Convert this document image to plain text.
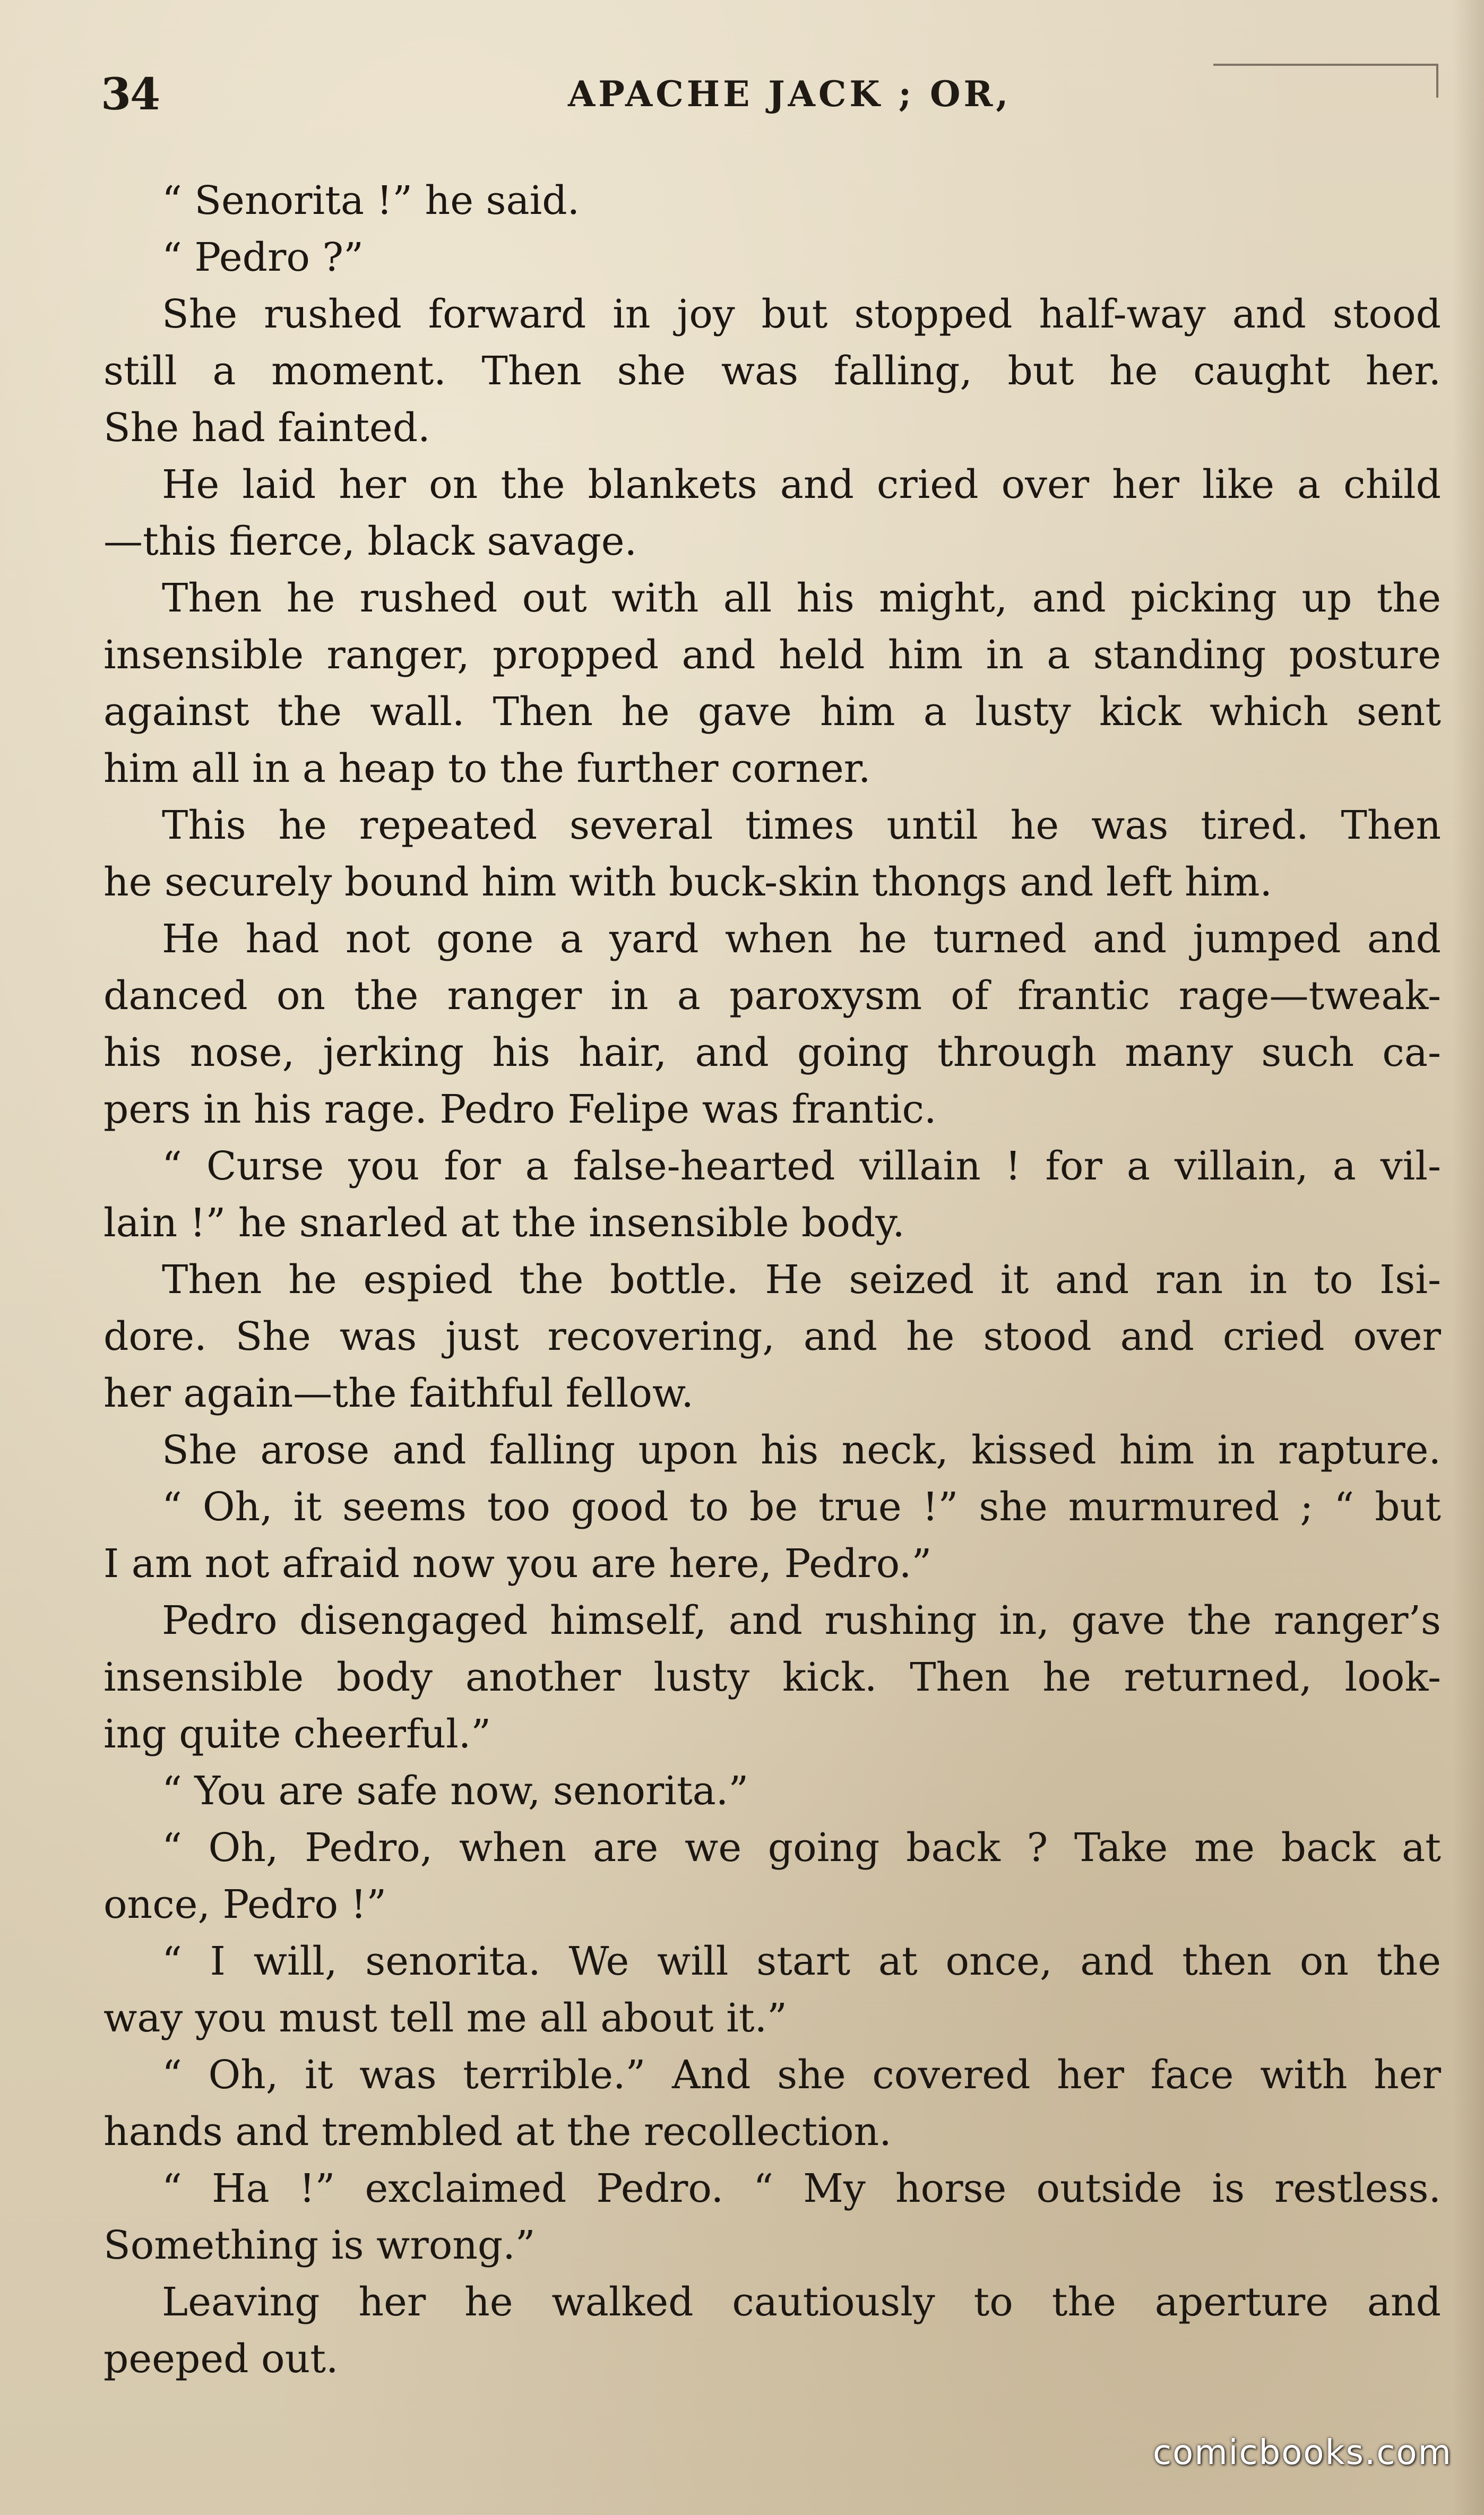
34	APACHE JACK ; OR,
“ Senorita !” he said.
“ Pedro ?”
She rushed forward in joy but stopped half-way and stood
still a moment. Then she was falling, but he caught her.
She had fainted.
He laid her on the blankets and cried over her like a child
—this fierce, black savage.
Then he rushed out with all his might, and picking up the
insensible ranger, propped and held him in a standing posture
against the wall. Then he gave him a lusty kick which sent
him all in a heap to the further corner.
This he repeated several times until he was tired. Then
he securely bound him with buck-skin thongs and left him.
He had not gone a yard when he turned and jumped and
danced on the ranger in a paroxysm of frantic rage—tweak-
his nose, jerking his hair, and going through many such ca-
pers in his rage. Pedro Felipe was frantic.
“ Curse you for a false-hearted villain ! for a villain, a vil-
lain !” he snarled at the insensible body.
Then he espied the bottle. He seized it and ran in to Isi-
dore. She was just recovering, and he stood and cried over
her again—the faithful fellow.
She arose and falling upon his neck, kissed him in rapture.
“ Oh, it seems too good to be true !” she murmured ; “ but
I am not afraid now you are here, Pedro.”
Pedro disengaged himself, and rushing in, gave the ranger’s
insensible body another lusty kick. Then he returned, look-
ing quite cheerful.”
“ You are safe now, senorita.”
“ Oh, Pedro, when are we going back ? Take me back at
once, Pedro !”
“ I will, senorita. We will start at once, and then on the
way you must tell me all about it.”
“ Oh, it was terrible.” And she covered her face with her
hands and trembled at the recollection.
“ Ha !” exclaimed Pedro. “ My horse outside is restless.
Something is wrong.”
Leaving her he walked cautiously to the aperture and
peeped out.
comicbooks.com
